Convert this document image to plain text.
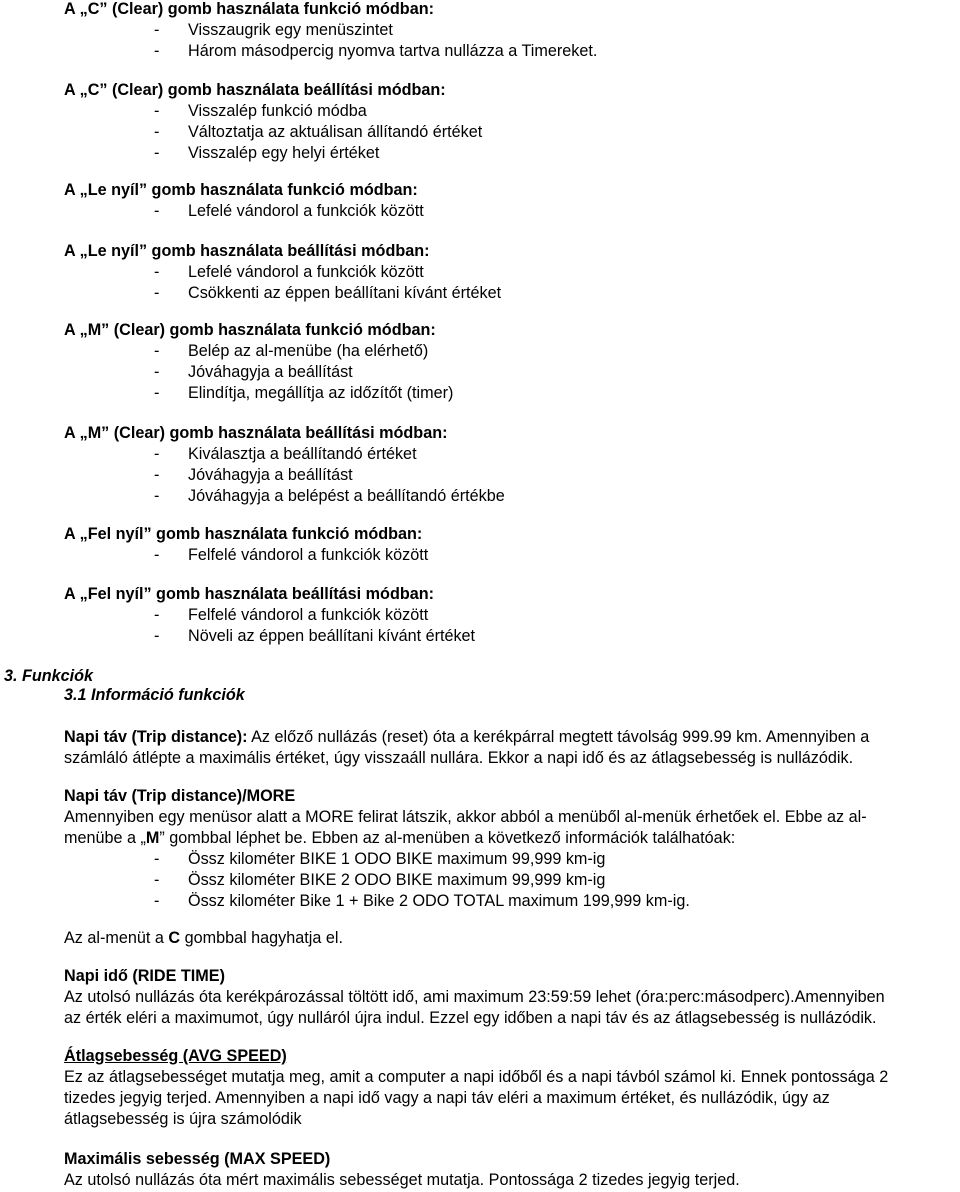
A „C” (Clear) gomb használata funkció módban:
- Visszaugrik egy menüszintet
- Három másodpercig nyomva tartva nullázza a Timereket.
A „C” (Clear) gomb használata beállítási módban:
- Visszalép funkció módba
- Változtatja az aktuálisan állítandó értéket
- Visszalép egy helyi értéket
A „Le nyíl” gomb használata funkció módban:
- Lefelé vándorol a funkciók között
A „Le nyíl” gomb használata beállítási módban:
- Lefelé vándorol a funkciók között
- Csökkenti az éppen beállítani kívánt értéket
A „M” (Clear) gomb használata funkció módban:
- Belép az al-menübe (ha elérhető)
- Jóváhagyja a beállítást
- Elindítja, megállítja az időzítőt (timer)
A „M” (Clear) gomb használata beállítási módban:
- Kiválasztja a beállítandó értéket
- Jóváhagyja a beállítást
- Jóváhagyja a belépést a beállítandó értékbe
A „Fel nyíl” gomb használata funkció módban:
- Felfelé vándorol a funkciók között
A „Fel nyíl” gomb használata beállítási módban:
- Felfelé vándorol a funkciók között
- Növeli az éppen beállítani kívánt értéket
3. Funkciók
3.1 Információ funkciók
Napi táv (Trip distance): Az előző nullázás (reset) óta a kerékpárral megtett távolság 999.99 km. Amennyiben a
számláló átlépte a maximális értéket, úgy visszaáll nullára. Ekkor a napi idő és az átlagsebesség is nullázódik.
Napi táv (Trip distance)/MORE
Amennyiben egy menüsor alatt a MORE felirat látszik, akkor abból a menüből al-menük érhetőek el. Ebbe az al-
menübe a „M” gombbal léphet be. Ebben az al-menüben a következő információk találhatóak:
- Össz kilométer BIKE 1 ODO BIKE maximum 99,999 km-ig
- Össz kilométer BIKE 2 ODO BIKE maximum 99,999 km-ig
- Össz kilométer Bike 1 + Bike 2 ODO TOTAL maximum 199,999 km-ig.
Az al-menüt a C gombbal hagyhatja el.
Napi idő (RIDE TIME)
Az utolsó nullázás óta kerékpározással töltött idő, ami maximum 23:59:59 lehet (óra:perc:másodperc).Amennyiben
az érték eléri a maximumot, úgy nulláról újra indul. Ezzel egy időben a napi táv és az átlagsebesség is nullázódik.
Átlagsebesség (AVG SPEED)
Ez az átlagsebességet mutatja meg, amit a computer a napi időből és a napi távból számol ki. Ennek pontossága 2
tizedes jegyig terjed. Amennyiben a napi idő vagy a napi táv eléri a maximum értéket, és nullázódik, úgy az
átlagsebesség is újra számolódik
Maximális sebesség (MAX SPEED)
Az utolsó nullázás óta mért maximális sebességet mutatja. Pontossága 2 tizedes jegyig terjed.
